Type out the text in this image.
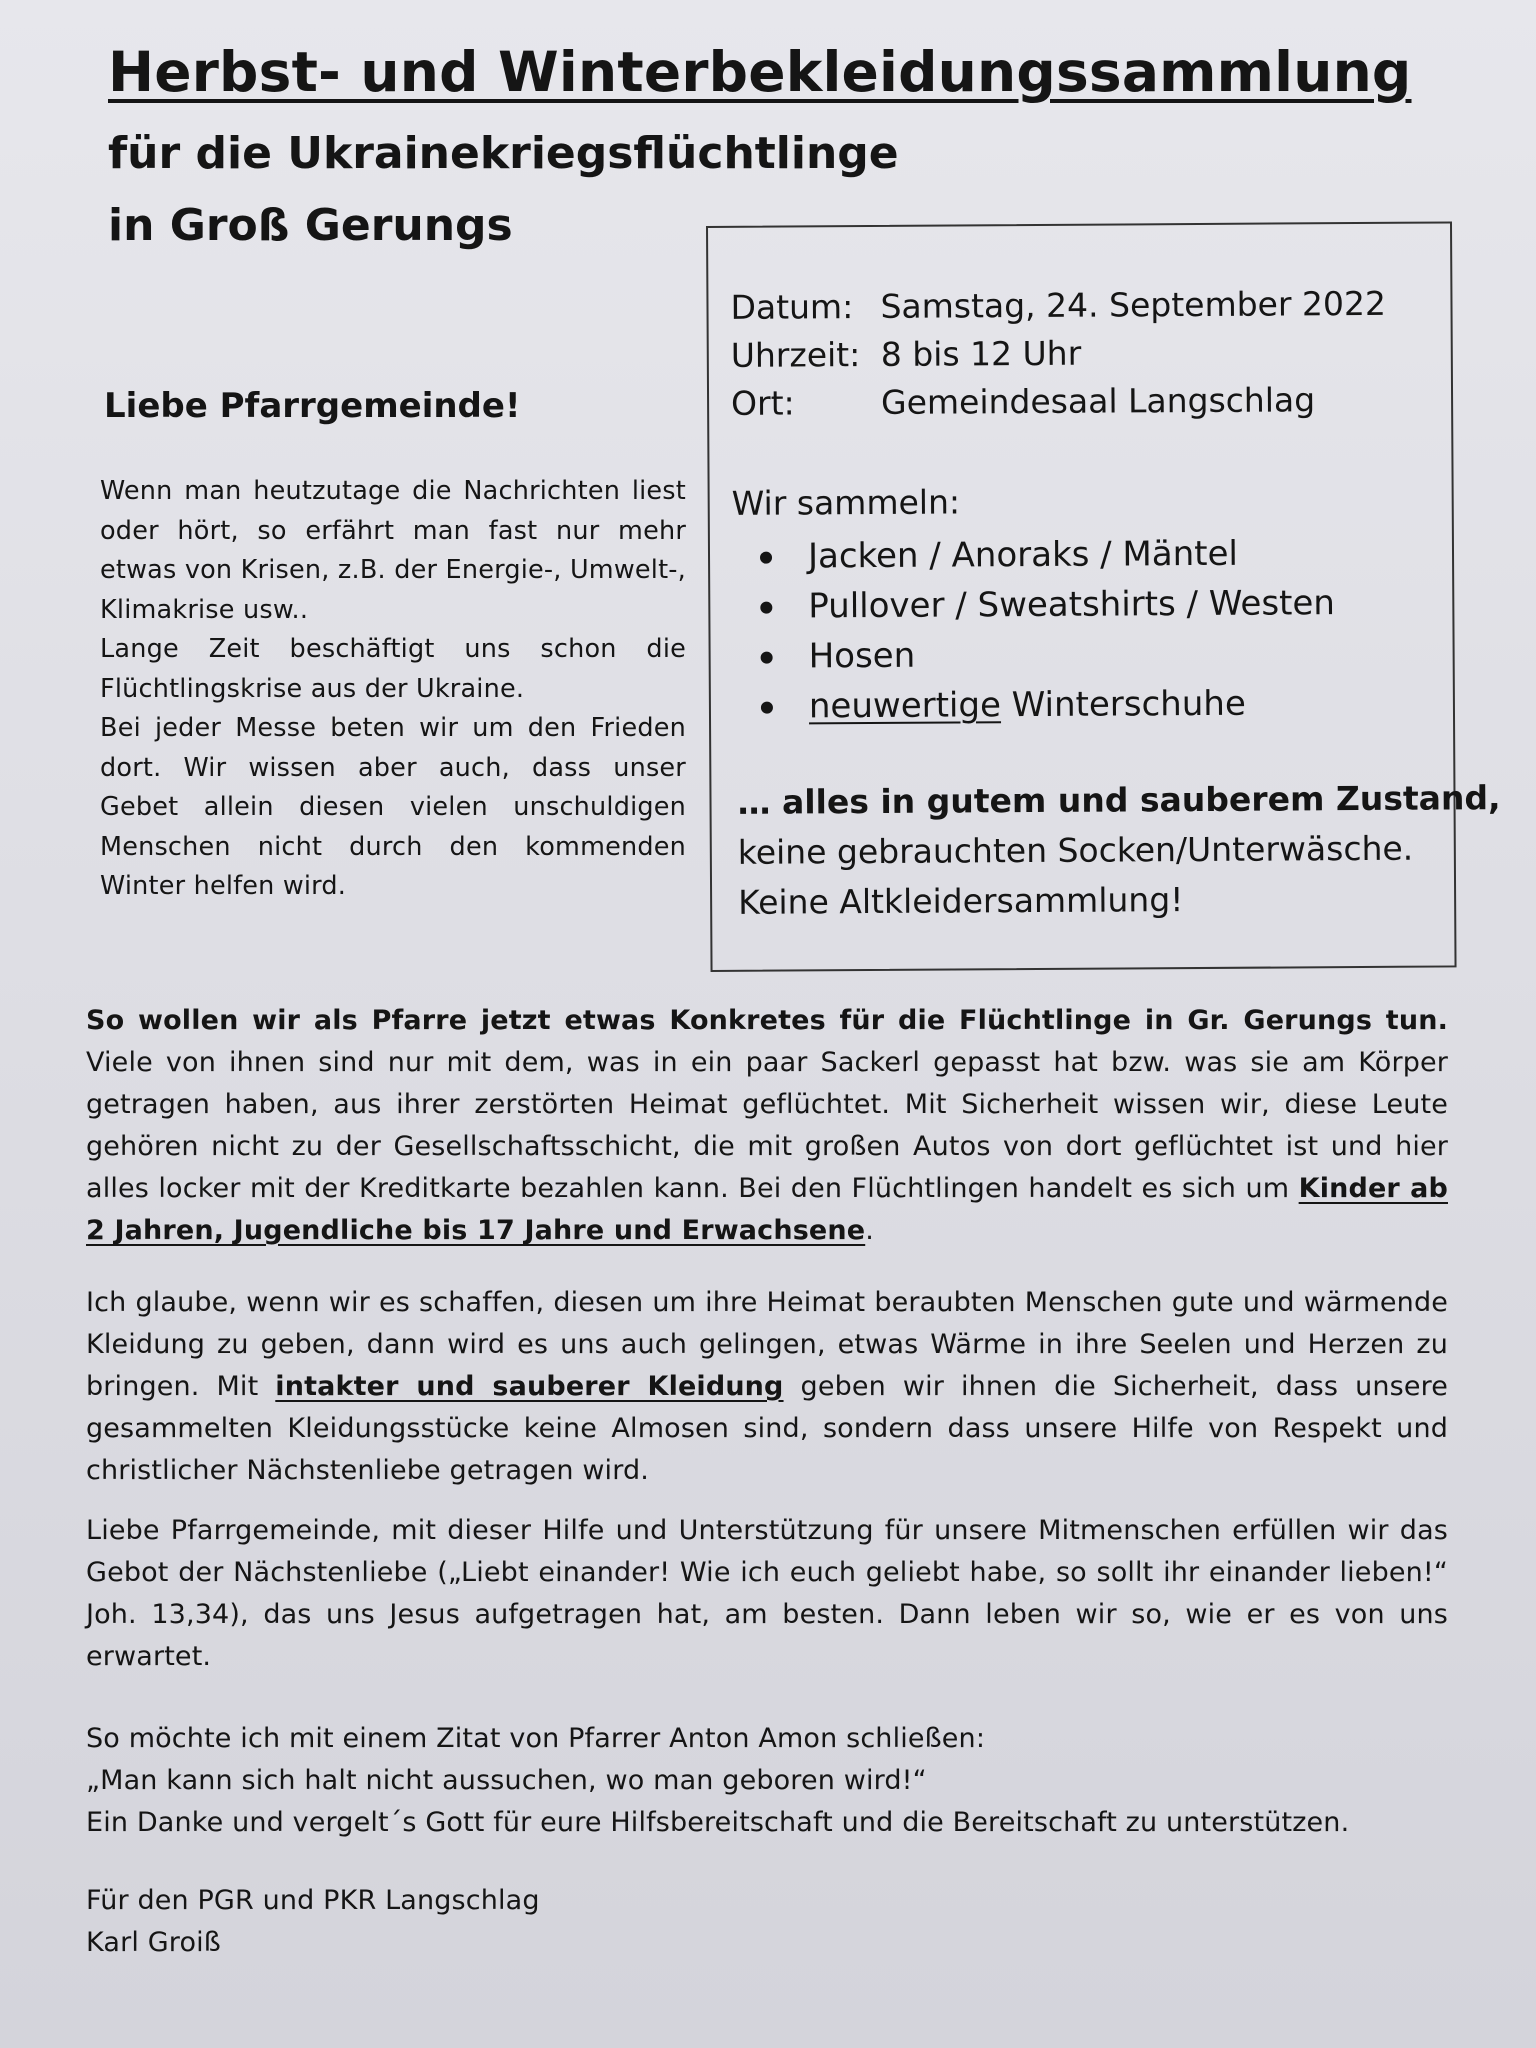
Herbst- und Winterbekleidungssammlung
für die Ukrainekriegsflüchtlinge
in Groß Gerungs
Datum: Samstag, 24. September 2022
Uhrzeit: 8 bis 12 Uhr
Ort:	Gemeindesaal Langschlag
Wir sammeln:
Jacken / Anoraks / Mäntel
Pullover / Sweatshirts / Westen
Hosen
neuwertige Winterschuhe
… alles in gutem und sauberem Zustand,
keine gebrauchten Socken/Unterwäsche.
Keine Altkleidersammlung!
Liebe Pfarrgemeinde!

Wenn man heutzutage die Nachrichten liest oder hört, so erfährt man fast nur mehr etwas von Krisen, z.B. der Energie-, Umwelt-, Klimakrise usw..

Lange Zeit beschäftigt uns schon die Flüchtlingskrise aus der Ukraine.

Bei jeder Messe beten wir um den Frieden dort. Wir wissen aber auch, dass unser Gebet allein diesen vielen unschuldigen Menschen nicht durch den kommenden Winter helfen wird.

So wollen wir als Pfarre jetzt etwas Konkretes für die Flüchtlinge in Gr. Gerungs tun. Viele von ihnen sind nur mit dem, was in ein paar Sackerl gepasst hat bzw. was sie am Körper getragen haben, aus ihrer zerstörten Heimat geflüchtet. Mit Sicherheit wissen wir, diese Leute gehören nicht zu der Gesellschaftsschicht, die mit großen Autos von dort geflüchtet ist und hier alles locker mit der Kreditkarte bezahlen kann. Bei den Flüchtlingen handelt es sich um Kinder ab 2 Jahren, Jugendliche bis 17 Jahre und Erwachsene.

Ich glaube, wenn wir es schaffen, diesen um ihre Heimat beraubten Menschen gute und wärmende Kleidung zu geben, dann wird es uns auch gelingen, etwas Wärme in ihre Seelen und Herzen zu bringen. Mit intakter und sauberer Kleidung geben wir ihnen die Sicherheit, dass unsere gesammelten Kleidungsstücke keine Almosen sind, sondern dass unsere Hilfe von Respekt und christlicher Nächstenliebe getragen wird.

Liebe Pfarrgemeinde, mit dieser Hilfe und Unterstützung für unsere Mitmenschen erfüllen wir das Gebot der Nächstenliebe („Liebt einander! Wie ich euch geliebt habe, so sollt ihr einander lieben!“ Joh. 13,34), das uns Jesus aufgetragen hat, am besten. Dann leben wir so, wie er es von uns erwartet.

So möchte ich mit einem Zitat von Pfarrer Anton Amon schließen:
„Man kann sich halt nicht aussuchen, wo man geboren wird!“
Ein Danke und vergelt´s Gott für eure Hilfsbereitschaft und die Bereitschaft zu unterstützen.

Für den PGR und PKR Langschlag
Karl Groiß
